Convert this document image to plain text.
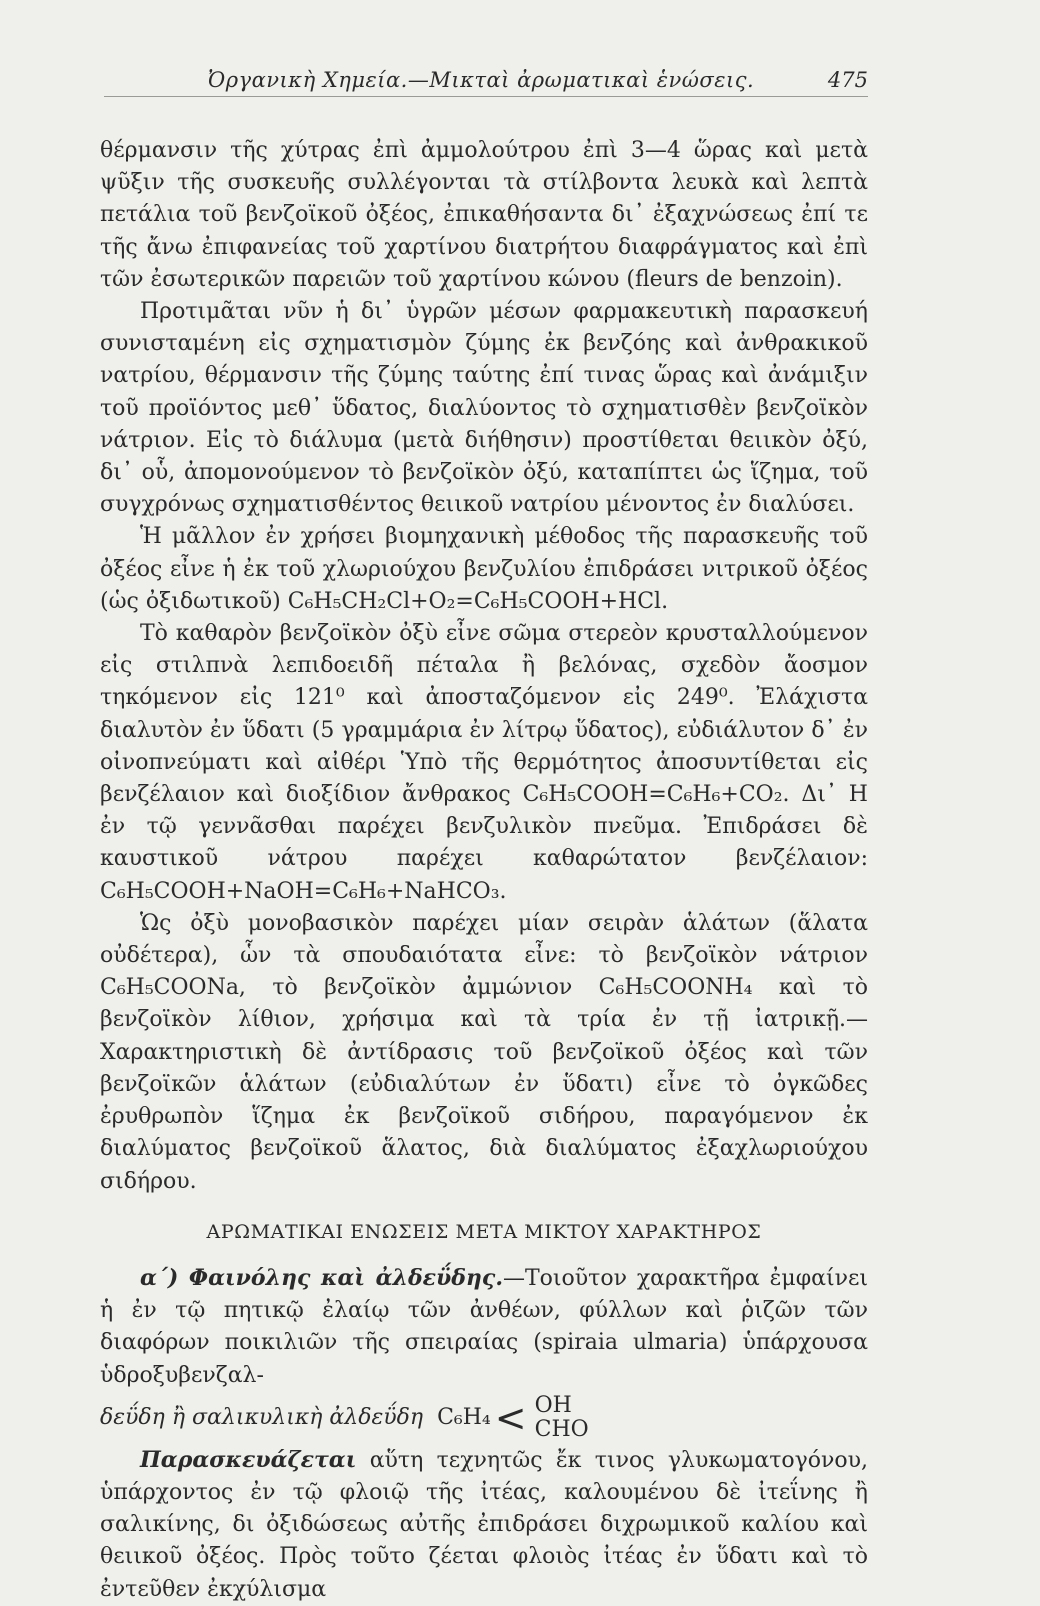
Ὀργανικὴ Χημεία.—Μικταὶ ἀρωματικαὶ ἑνώσεις.	475

θέρμανσιν τῆς χύτρας ἐπὶ ἀμμολούτρου ἐπὶ 3—4 ὥρας καὶ μετὰ ψῦξιν τῆς συσκευῆς συλλέγονται τὰ στίλβοντα λευκὰ καὶ λεπτὰ πετάλια τοῦ βενζοϊκοῦ ὀξέος, ἐπικαθήσαντα δι᾽ ἐξαχνώσεως ἐπί τε τῆς ἄνω ἐπιφανείας τοῦ χαρτίνου διατρήτου διαφράγματος καὶ ἐπὶ τῶν ἐσωτερικῶν παρειῶν τοῦ χαρτίνου κώνου (fleurs de benzoin).

Προτιμᾶται νῦν ἡ δι᾽ ὑγρῶν μέσων φαρμακευτικὴ παρασκευή συνισταμένη εἰς σχηματισμὸν ζύμης ἐκ βενζόης καὶ ἀνθρακικοῦ νατρίου, θέρμανσιν τῆς ζύμης ταύτης ἐπί τινας ὥρας καὶ ἀνάμιξιν τοῦ προϊόντος μεθ᾽ ὕδατος, διαλύοντος τὸ σχηματισθὲν βενζοϊκὸν νάτριον. Εἰς τὸ διάλυμα (μετὰ διήθησιν) προστίθεται θειικὸν ὀξύ, δι᾽ οὗ, ἀπομονούμενον τὸ βενζοϊκὸν ὀξύ, καταπίπτει ὡς ἵζημα, τοῦ συγχρόνως σχηματισθέντος θειικοῦ νατρίου μένοντος ἐν διαλύσει.

Ἡ μᾶλλον ἐν χρήσει βιομηχανικὴ μέθοδος τῆς παρασκευῆς τοῦ ὀξέος εἶνε ἡ ἐκ τοῦ χλωριούχου βενζυλίου ἐπιδράσει νιτρικοῦ ὀξέος (ὡς ὀξιδωτικοῦ) C₆H₅CH₂Cl+O₂=C₆H₅COOH+HCl.

Τὸ καθαρὸν βενζοϊκὸν ὀξὺ εἶνε σῶμα στερεὸν κρυσταλλούμενον εἰς στιλπνὰ λεπιδοειδῆ πέταλα ἢ βελόνας, σχεδὸν ἄοσμον τηκόμενον εἰς 121⁰ καὶ ἀποσταζόμενον εἰς 249⁰. Ἐλάχιστα διαλυτὸν ἐν ὕδατι (5 γραμμάρια ἐν λίτρῳ ὕδατος), εὐδιάλυτον δ᾽ ἐν οἰνοπνεύματι καὶ αἰθέρι Ὑπὸ τῆς θερμότητος ἀποσυντίθεται εἰς βενζέλαιον καὶ διοξίδιον ἄνθρακος C₆H₅COOH=C₆H₆+CO₂. Δι᾽ Η ἐν τῷ γεννᾶσθαι παρέχει βενζυλικὸν πνεῦμα. Ἐπιδράσει δὲ καυστικοῦ νάτρου παρέχει καθαρώτατον βενζέλαιον: C₆H₅COOH+NaOH=C₆H₆+NaHCO₃.

Ὡς ὀξὺ μονοβασικὸν παρέχει μίαν σειρὰν ἁλάτων (ἅλατα οὐδέτερα), ὧν τὰ σπουδαιότατα εἶνε: τὸ βενζοϊκὸν νάτριον C₆H₅COONa, τὸ βενζοϊκὸν ἀμμώνιον C₆H₅COONH₄ καὶ τὸ βενζοϊκὸν λίθιον, χρήσιμα καὶ τὰ τρία ἐν τῇ ἰατρικῇ.— Χαρακτηριστικὴ δὲ ἀντίδρασις τοῦ βενζοϊκοῦ ὀξέος καὶ τῶν βενζοϊκῶν ἁλάτων (εὐδιαλύτων ἐν ὕδατι) εἶνε τὸ ὀγκῶδες ἐρυθρωπὸν ἵζημα ἐκ βενζοϊκοῦ σιδήρου, παραγόμενον ἐκ διαλύματος βενζοϊκοῦ ἅλατος, διὰ διαλύματος ἐξαχλωριούχου σιδήρου.

ΑΡΩΜΑΤΙΚΑΙ ΕΝΩΣΕΙΣ ΜΕΤΑ ΜΙΚΤΟΥ ΧΑΡΑΚΤΗΡΟΣ

α΄) Φαινόλης καὶ ἀλδεΰδης.—Τοιοῦτον χαρακτῆρα ἐμφαίνει ἡ ἐν τῷ πητικῷ ἐλαίῳ τῶν ἀνθέων, φύλλων καὶ ῥιζῶν τῶν διαφόρων ποικιλιῶν τῆς σπειραίας (spiraia ulmaria) ὑπάρχουσα ὑδροξυβενζαλ-

δεΰδη ἢ σαλικυλικὴ ἀλδεΰδη C₆H₄ < OH
CHO

Παρασκευάζεται αὕτη τεχνητῶς ἔκ τινος γλυκωματογόνου, ὑπάρχοντος ἐν τῷ φλοιῷ τῆς ἰτέας, καλουμένου δὲ ἰτεΐνης ἢ σαλικίνης, δι ὀξιδώσεως αὐτῆς ἐπιδράσει διχρωμικοῦ καλίου καὶ θειικοῦ ὀξέος. Πρὸς τοῦτο ζέεται φλοιὸς ἰτέας ἐν ὕδατι καὶ τὸ ἐντεῦθεν ἐκχύλισμα
